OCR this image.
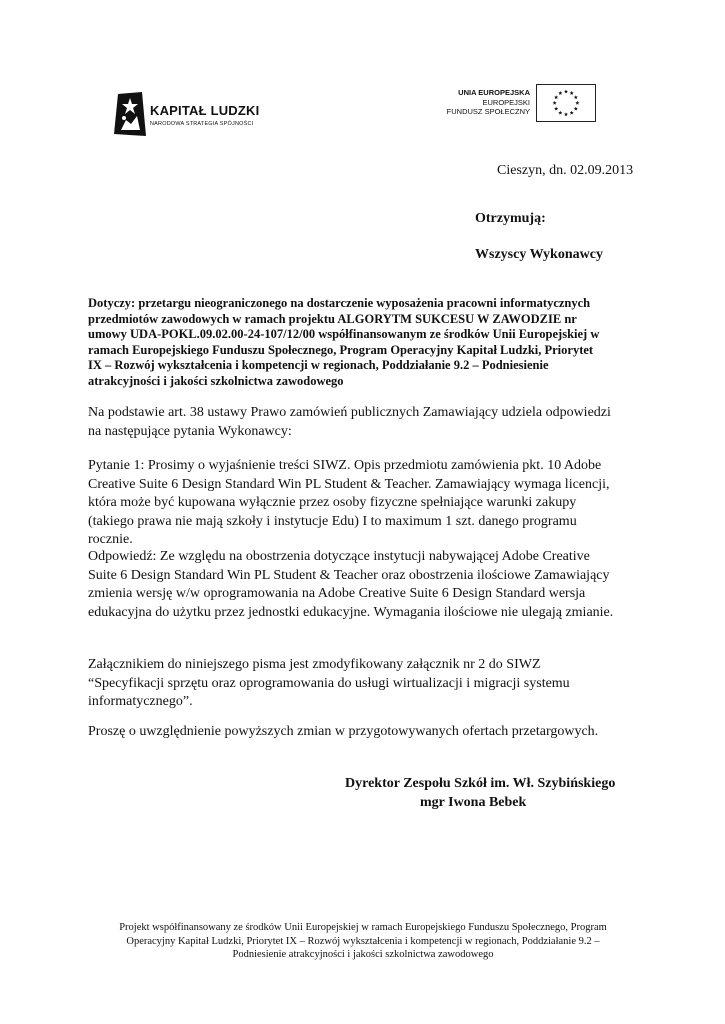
KAPITAŁ LUDZKI
NARODOWA STRATEGIA SPÓJNOŚCI
UNIA EUROPEJSKA
EUROPEJSKI
FUNDUSZ SPOŁECZNY
Cieszyn, dn. 02.09.2013
Otrzymują:
Wszyscy Wykonawcy
Dotyczy: przetargu nieograniczonego na dostarczenie wyposażenia pracowni informatycznych
przedmiotów zawodowych w ramach projektu ALGORYTM SUKCESU W ZAWODZIE nr
umowy UDA-POKL.09.02.00-24-107/12/00 współfinansowanym ze środków Unii Europejskiej w
ramach Europejskiego Funduszu Społecznego, Program Operacyjny Kapitał Ludzki, Priorytet
IX – Rozwój wykształcenia i kompetencji w regionach, Poddziałanie 9.2 – Podniesienie
atrakcyjności i jakości szkolnictwa zawodowego
Na podstawie art. 38 ustawy Prawo zamówień publicznych Zamawiający udziela odpowiedzi
na następujące pytania Wykonawcy:
Pytanie 1: Prosimy o wyjaśnienie treści SIWZ. Opis przedmiotu zamówienia pkt. 10 Adobe
Creative Suite 6 Design Standard Win PL Student & Teacher. Zamawiający wymaga licencji,
która może być kupowana wyłącznie przez osoby fizyczne spełniające warunki zakupy
(takiego prawa nie mają szkoły i instytucje Edu) I to maximum 1 szt. danego programu
rocznie.
Odpowiedź: Ze względu na obostrzenia dotyczące instytucji nabywającej Adobe Creative
Suite 6 Design Standard Win PL Student & Teacher oraz obostrzenia ilościowe Zamawiający
zmienia wersję w/w oprogramowania na Adobe Creative Suite 6 Design Standard wersja
edukacyjna do użytku przez jednostki edukacyjne. Wymagania ilościowe nie ulegają zmianie.
Załącznikiem do niniejszego pisma jest zmodyfikowany załącznik nr 2 do SIWZ
“Specyfikacji sprzętu oraz oprogramowania do usługi wirtualizacji i migracji systemu
informatycznego”.
Proszę o uwzględnienie powyższych zmian w przygotowywanych ofertach przetargowych.
Dyrektor Zespołu Szkół im. Wł. Szybińskiego
mgr Iwona Bebek
Projekt współfinansowany ze środków Unii Europejskiej w ramach Europejskiego Funduszu Społecznego, Program
Operacyjny Kapitał Ludzki, Priorytet IX – Rozwój wykształcenia i kompetencji w regionach, Poddziałanie 9.2 –
Podniesienie atrakcyjności i jakości szkolnictwa zawodowego
